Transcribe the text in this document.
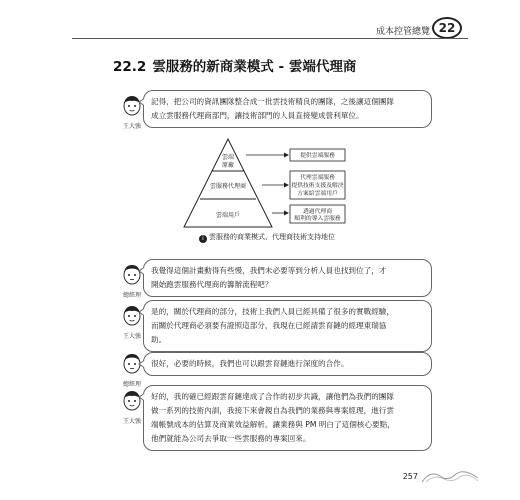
成本控管總覽 22
22.2 雲服務的新商業模式 - 雲端代理商
王大強
記得，把公司的資訊團隊整合成一批雲技術精良的團隊，之後讓這個團隊
成立雲服務代理商部門，讓技術部門的人員直接變成營利單位。
雲端
原廠
雲服務代理商
雲端用戶
提供雲端服務
代理雲端服務
提供技術支援及解決
方案給雲端用戶
透過代理商
順利的導入雲服務
i 雲服務的商業模式、代理商技術支持地位
總經理
我覺得這個計畫動得有些慢，我們未必要等到分析人員也找到位了，才
開始跑雲服務代理商的籌辦流程吧？
王大強
是的，關於代理商的部分，技術上我們人員已經具備了很多的實戰經驗，
而關於代理商必須要有證照這部分，我現在已經請雲育鏈的經理東瑞協
助。
總經理
很好，必要的時候，我們也可以跟雲育鏈進行深度的合作。
王大強
好的，我的確已經跟雲育鏈達成了合作的初步共識，讓他們為我們的團隊
做一系列的技術內訓，我接下來會親自為我們的業務與專案經理，進行雲
端帳號成本的估算及商業效益解析。讓業務與 PM 明白了這個核心要點，
他們就能為公司去爭取一些雲服務的專案回來。
257
